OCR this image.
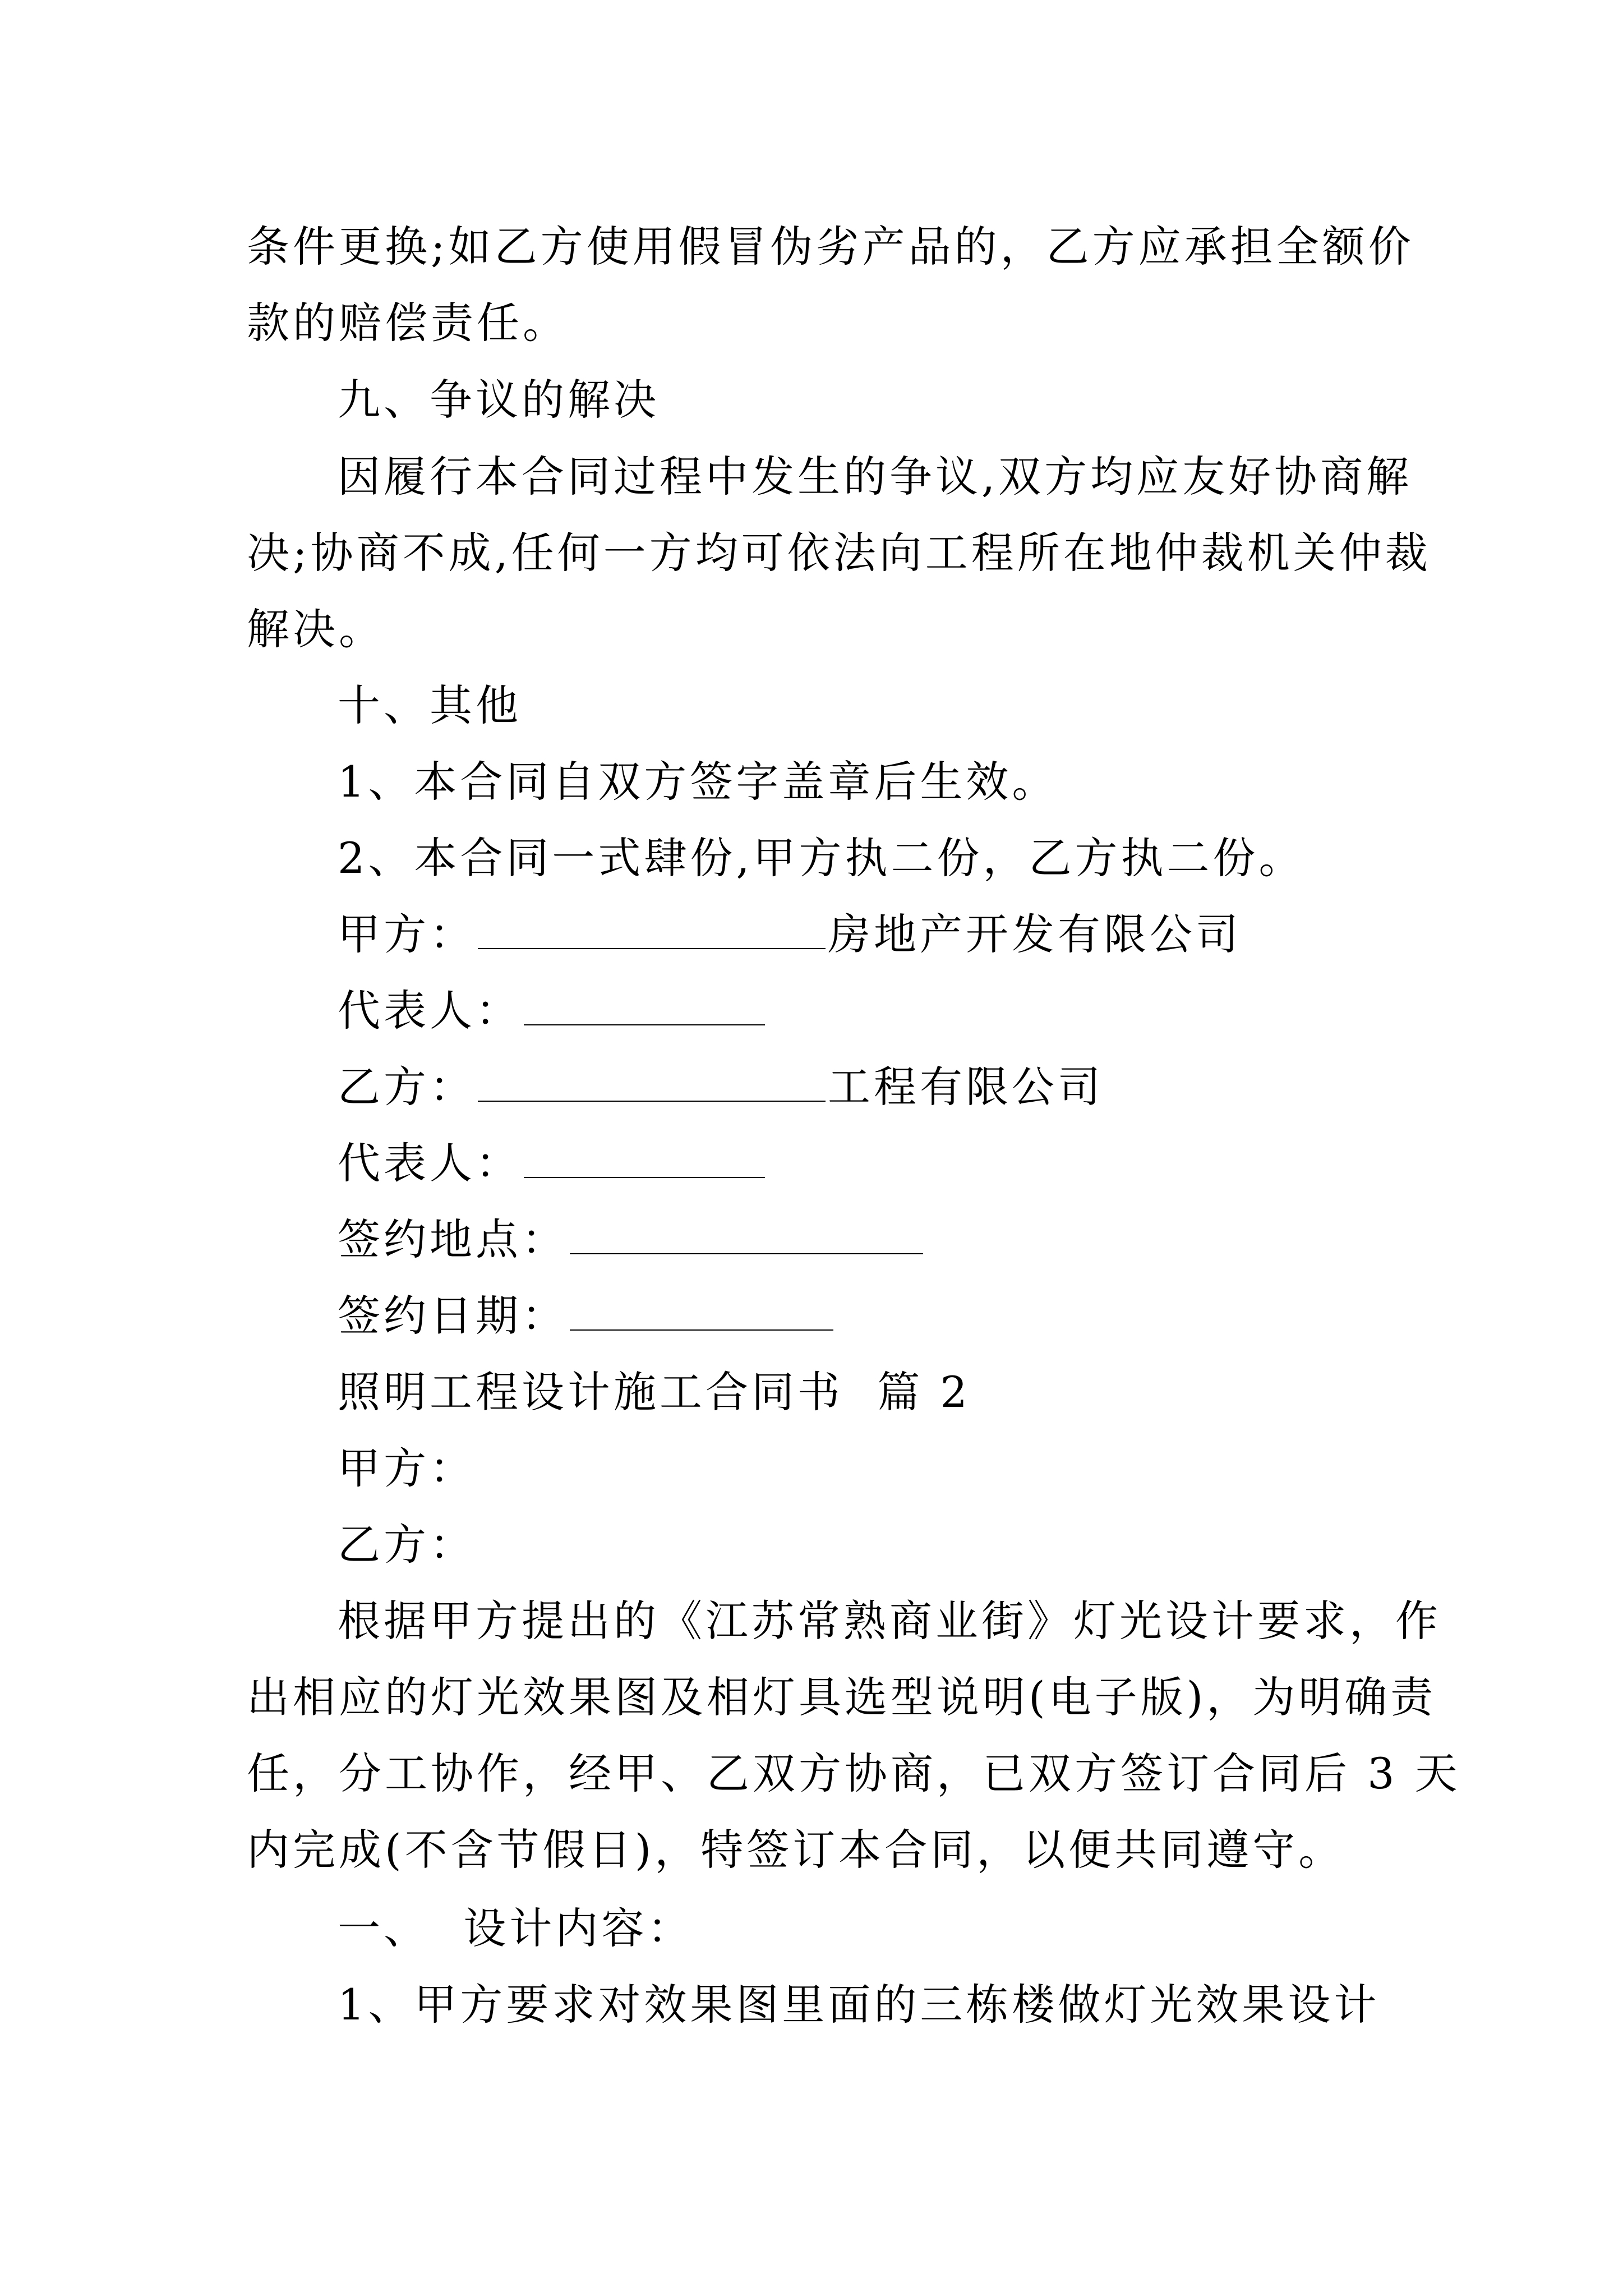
条件更换;如乙方使用假冒伪劣产品的，乙方应承担全额价
款的赔偿责任。
九、争议的解决
因履行本合同过程中发生的争议,双方均应友好协商解
决;协商不成,任何一方均可依法向工程所在地仲裁机关仲裁
解决。
十、其他
1、本合同自双方签字盖章后生效。
2、本合同一式肆份,甲方执二份，乙方执二份。
甲方：	房地产开发有限公司
代表人：
乙方：	工程有限公司
代表人：
签约地点：
签约日期：
照明工程设计施工合同书  篇 2
甲方：
乙方：
根据甲方提出的《江苏常熟商业街》灯光设计要求，作
出相应的灯光效果图及相灯具选型说明(电子版)，为明确责
任，分工协作，经甲、乙双方协商，已双方签订合同后 3 天
内完成(不含节假日)，特签订本合同，以便共同遵守。
一、  设计内容：
1、甲方要求对效果图里面的三栋楼做灯光效果设计
